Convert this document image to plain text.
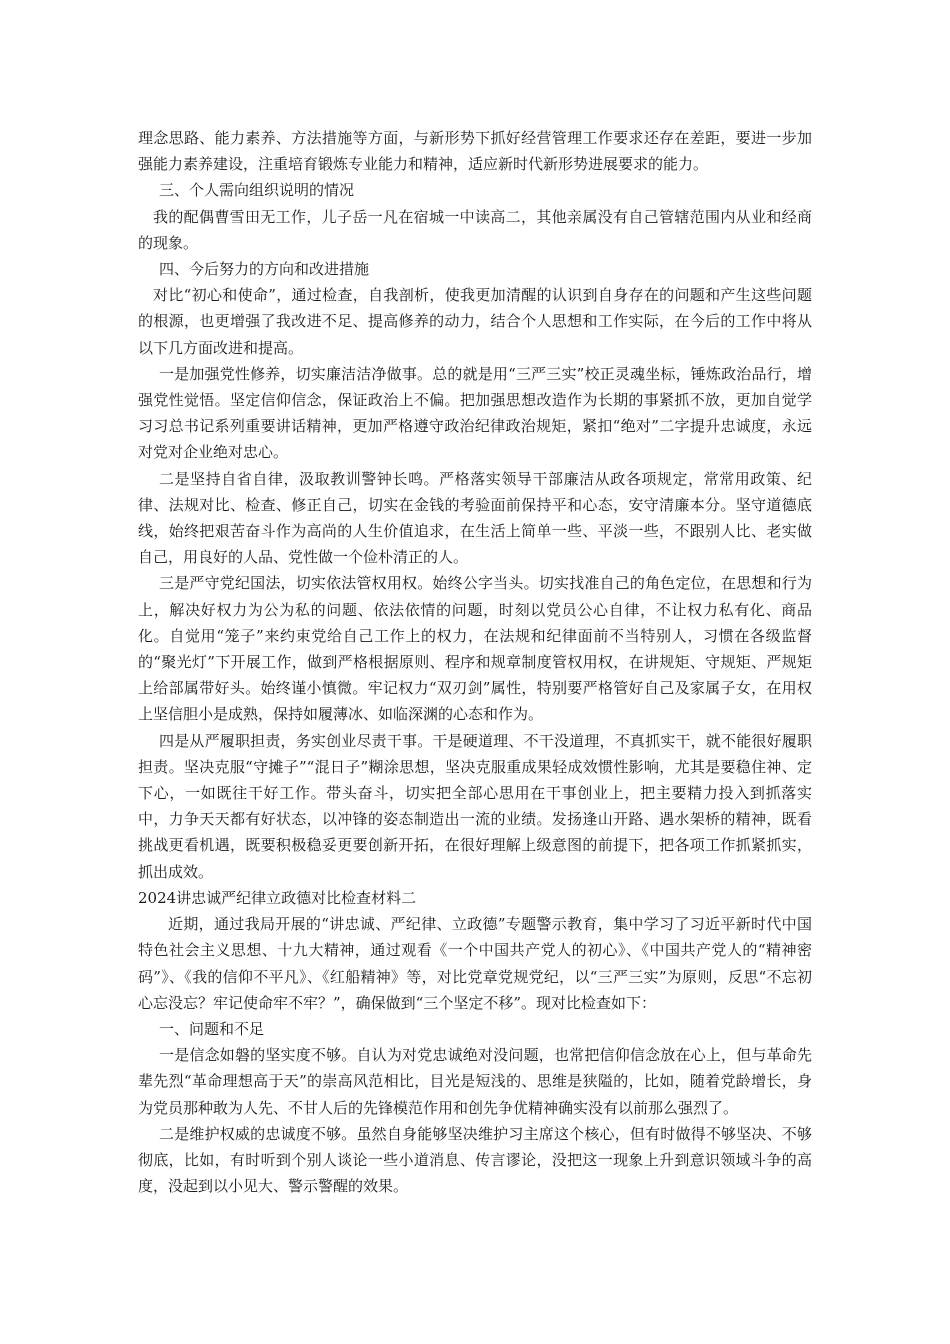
理念思路、能力素养、方法措施等方面，与新形势下抓好经营管理工作要求还存在差距，要进一步加强能力素养建设，注重培育锻炼专业能力和精神，适应新时代新形势进展要求的能力。

三、个人需向组织说明的情况

我的配偶曹雪田无工作，儿子岳一凡在宿城一中读高二，其他亲属没有自己管辖范围内从业和经商的现象。

四、今后努力的方向和改进措施

对比“初心和使命”，通过检查，自我剖析，使我更加清醒的认识到自身存在的问题和产生这些问题的根源，也更增强了我改进不足、提高修养的动力，结合个人思想和工作实际，在今后的工作中将从以下几方面改进和提高。

一是加强党性修养，切实廉洁洁净做事。总的就是用“三严三实”校正灵魂坐标，锤炼政治品行，增强党性觉悟。坚定信仰信念，保证政治上不偏。把加强思想改造作为长期的事紧抓不放，更加自觉学习习总书记系列重要讲话精神，更加严格遵守政治纪律政治规矩，紧扣“绝对”二字提升忠诚度，永远对党对企业绝对忠心。

二是坚持自省自律，汲取教训警钟长鸣。严格落实领导干部廉洁从政各项规定，常常用政策、纪律、法规对比、检查、修正自己，切实在金钱的考验面前保持平和心态，安守清廉本分。坚守道德底线，始终把艰苦奋斗作为高尚的人生价值追求，在生活上简单一些、平淡一些，不跟别人比、老实做自己，用良好的人品、党性做一个俭朴清正的人。

三是严守党纪国法，切实依法管权用权。始终公字当头。切实找准自己的角色定位，在思想和行为上，解决好权力为公为私的问题、依法依情的问题，时刻以党员公心自律，不让权力私有化、商品化。自觉用“笼子”来约束党给自己工作上的权力，在法规和纪律面前不当特别人，习惯在各级监督的“聚光灯”下开展工作，做到严格根据原则、程序和规章制度管权用权，在讲规矩、守规矩、严规矩上给部属带好头。始终谨小慎微。牢记权力“双刃剑”属性，特别要严格管好自己及家属子女，在用权上坚信胆小是成熟，保持如履薄冰、如临深渊的心态和作为。

四是从严履职担责，务实创业尽责干事。干是硬道理、不干没道理，不真抓实干，就不能很好履职担责。坚决克服“守摊子”“混日子”糊涂思想，坚决克服重成果轻成效惯性影响，尤其是要稳住神、定下心，一如既往干好工作。带头奋斗，切实把全部心思用在干事创业上，把主要精力投入到抓落实中，力争天天都有好状态，以冲锋的姿态制造出一流的业绩。发扬逢山开路、遇水架桥的精神，既看挑战更看机遇，既要积极稳妥更要创新开拓，在很好理解上级意图的前提下，把各项工作抓紧抓实，抓出成效。

2024讲忠诚严纪律立政德对比检查材料二

近期，通过我局开展的“讲忠诚、严纪律、立政德”专题警示教育，集中学习了习近平新时代中国特色社会主义思想、十九大精神，通过观看《一个中国共产党人的初心》、《中国共产党人的“精神密码”》、《我的信仰不平凡》、《红船精神》等，对比党章党规党纪，以“三严三实”为原则，反思“不忘初心忘没忘？牢记使命牢不牢？”，确保做到“三个坚定不移”。现对比检查如下：

一、问题和不足

一是信念如磐的坚实度不够。自认为对党忠诚绝对没问题，也常把信仰信念放在心上，但与革命先辈先烈“革命理想高于天”的崇高风范相比，目光是短浅的、思维是狭隘的，比如，随着党龄增长，身为党员那种敢为人先、不甘人后的先锋模范作用和创先争优精神确实没有以前那么强烈了。

二是维护权威的忠诚度不够。虽然自身能够坚决维护习主席这个核心，但有时做得不够坚决、不够彻底，比如，有时听到个别人谈论一些小道消息、传言谬论，没把这一现象上升到意识领域斗争的高度，没起到以小见大、警示警醒的效果。
